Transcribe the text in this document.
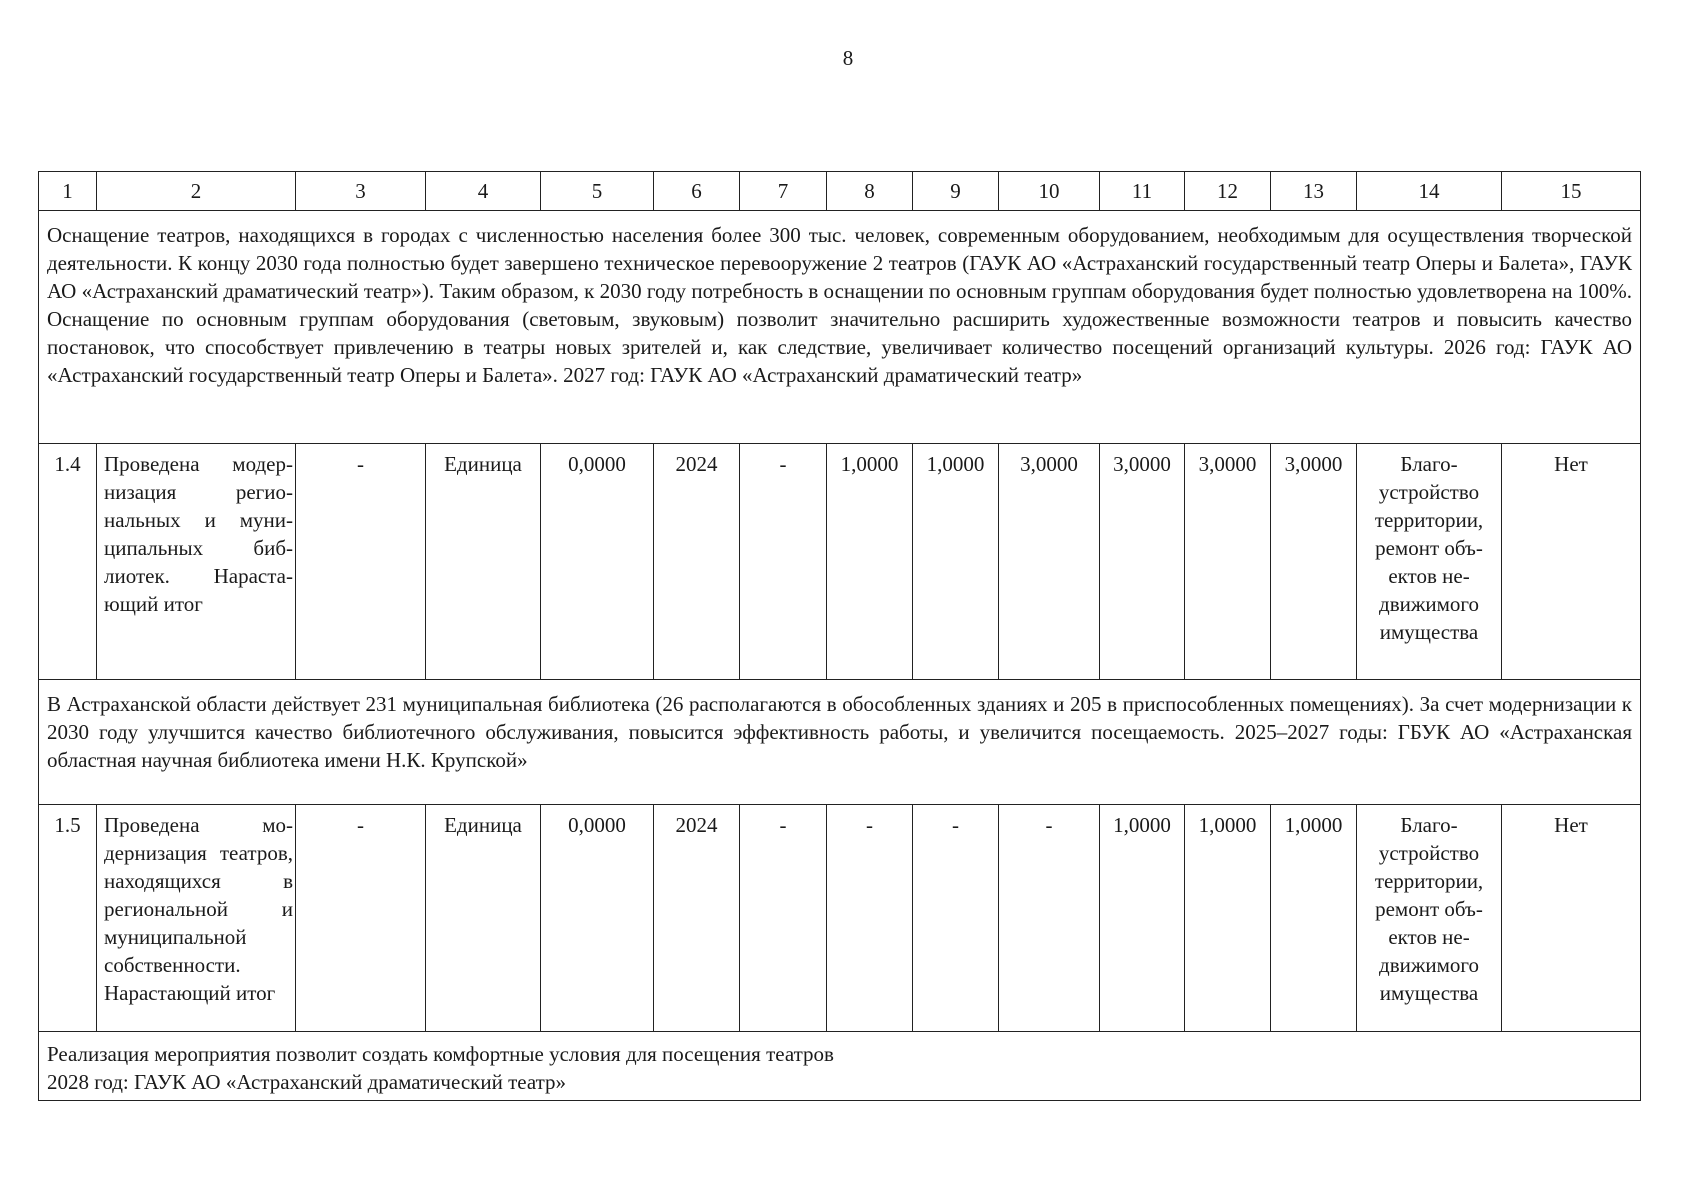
8
1	2	3	4	5	6	7	8	9	10	11	12	13	14	15
Оснащение театров, находящихся в городах с численностью населения более 300 тыс. человек, современным оборудованием, необходимым для осуществления творческой деятельности. К концу 2030 года полностью будет завершено техническое перевооружение 2 театров (ГАУК АО «Астраханский государственный театр Оперы и Балета», ГАУК АО «Астраханский драматический театр»). Таким образом, к 2030 году потребность в оснащении по основным группам оборудования будет полностью удовлетворена на 100%. Оснащение по основным группам оборудования (световым, звуковым) позволит значительно расширить художественные возможности театров и повысить качество постановок, что способствует привлечению в театры новых зрителей и, как следствие, увеличивает количество посещений организаций культуры. 2026 год: ГАУК АО «Астраханский государственный театр Оперы и Балета». 2027 год: ГАУК АО «Астраханский драматический театр»														
1.4	Проведена модернизация региональных и муниципальных библиотек. Нарастающий итог	-	Единица	0,0000	2024	-	1,0000	1,0000	3,0000	3,0000	3,0000	3,0000	Благоустройство территории, ремонт объектов недвижимого имущества	Нет
В Астраханской области действует 231 муниципальная библиотека (26 располагаются в обособленных зданиях и 205 в приспособленных помещениях). За счет модернизации к 2030 году улучшится качество библиотечного обслуживания, повысится эффективность работы, и увеличится посещаемость. 2025–2027 годы: ГБУК АО «Астраханская областная научная библиотека имени Н.К. Крупской»														
1.5	Проведена модернизация театров, находящихся в региональной и муниципальной собственности. Нарастающий итог	-	Единица	0,0000	2024	-	-	-	-	1,0000	1,0000	1,0000	Благоустройство территории, ремонт объектов недвижимого имущества	Нет

Реализация мероприятия позволит создать комфортные условия для посещения театров
2028 год: ГАУК АО «Астраханский драматический театр»														
